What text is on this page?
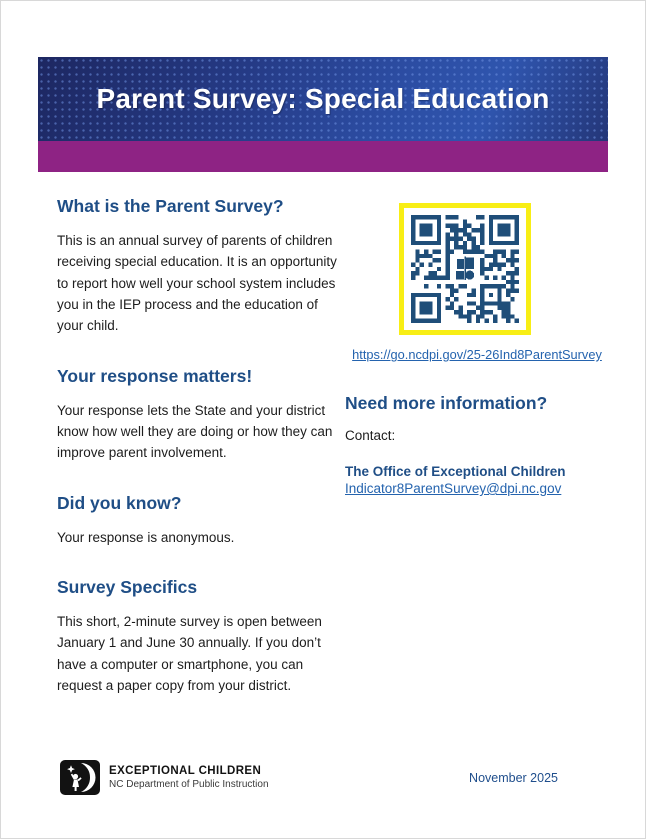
Parent Survey: Special Education
What is the Parent Survey?

This is an annual survey of parents of children receiving special education. It is an opportunity to report how well your school system includes you in the IEP process and the education of your child.

Your response matters!

Your response lets the State and your district know how well they are doing or how they can improve parent involvement.

Did you know?

Your response is anonymous.

Survey Specifics

This short, 2-minute survey is open between January 1 and June 30 annually. If you don’t have a computer or smartphone, you can request a paper copy from your district.

https://go.ncdpi.gov/25-26Ind8ParentSurvey
Need more information?

Contact:

The Office of Exceptional Children

Indicator8ParentSurvey@dpi.nc.gov
EXCEPTIONAL CHILDREN
NC Department of Public Instruction	November 2025
